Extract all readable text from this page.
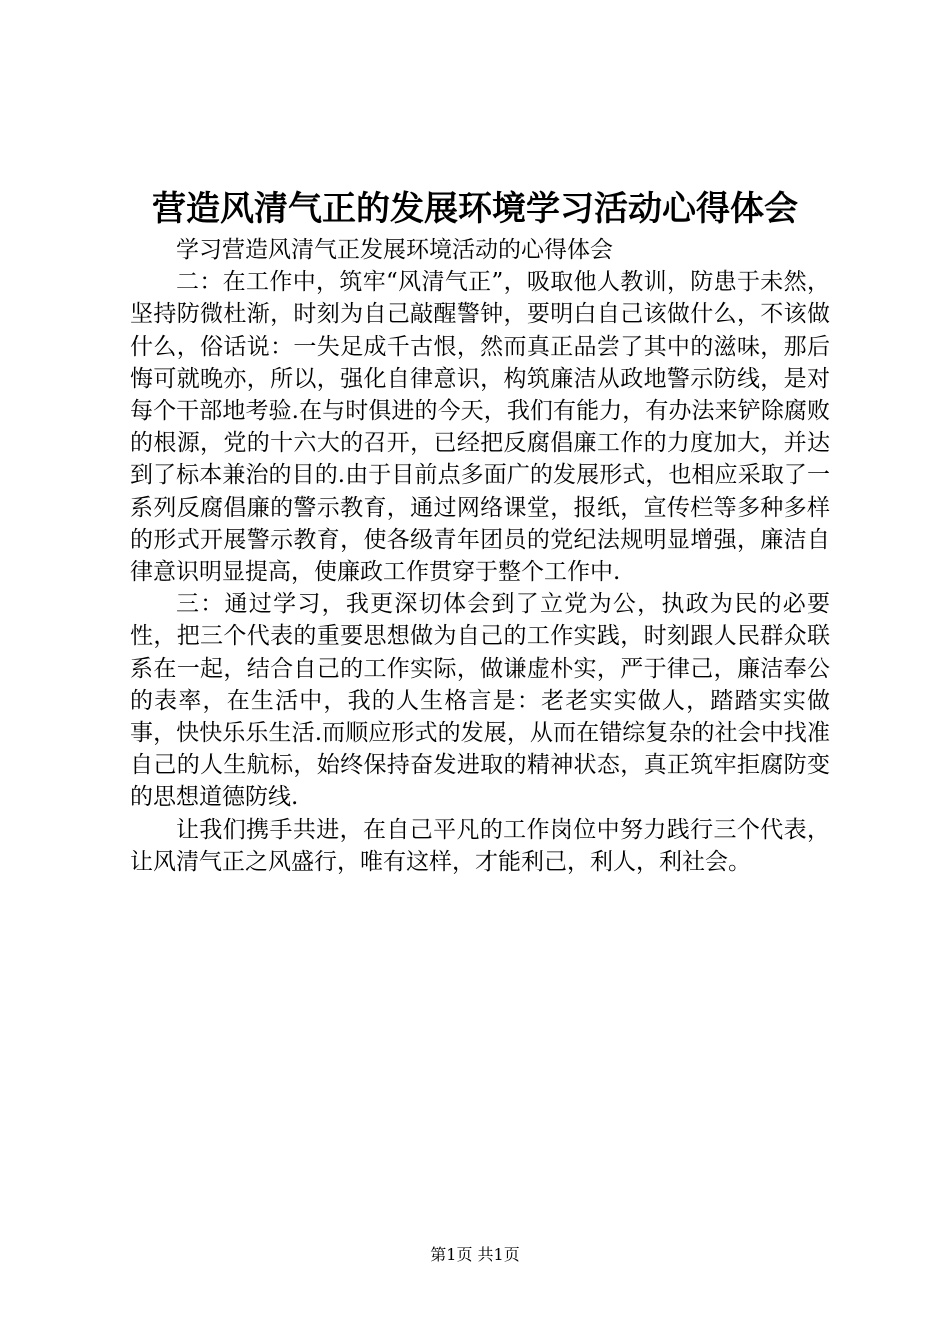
营造风清气正的发展环境学习活动心得体会

学习营造风清气正发展环境活动的心得体会

二：在工作中，筑牢“风清气正”，吸取他人教训，防患于未然，坚持防微杜渐，时刻为自己敲醒警钟，要明白自己该做什么，不该做什么，俗话说：一失足成千古恨，然而真正品尝了其中的滋味，那后悔可就晚亦，所以，强化自律意识，构筑廉洁从政地警示防线，是对每个干部地考验.在与时俱进的今天，我们有能力，有办法来铲除腐败的根源，党的十六大的召开，已经把反腐倡廉工作的力度加大，并达到了标本兼治的目的.由于目前点多面广的发展形式，也相应采取了一系列反腐倡廉的警示教育，通过网络课堂，报纸，宣传栏等多种多样的形式开展警示教育，使各级青年团员的党纪法规明显增强，廉洁自律意识明显提高，使廉政工作贯穿于整个工作中.

三：通过学习，我更深切体会到了立党为公，执政为民的必要性，把三个代表的重要思想做为自己的工作实践，时刻跟人民群众联系在一起，结合自己的工作实际，做谦虚朴实，严于律己，廉洁奉公的表率，在生活中，我的人生格言是：老老实实做人，踏踏实实做事，快快乐乐生活.而顺应形式的发展，从而在错综复杂的社会中找准自己的人生航标，始终保持奋发进取的精神状态，真正筑牢拒腐防变的思想道德防线.

让我们携手共进，在自己平凡的工作岗位中努力践行三个代表，让风清气正之风盛行，唯有这样，才能利己，利人，利社会。

第1页 共1页
